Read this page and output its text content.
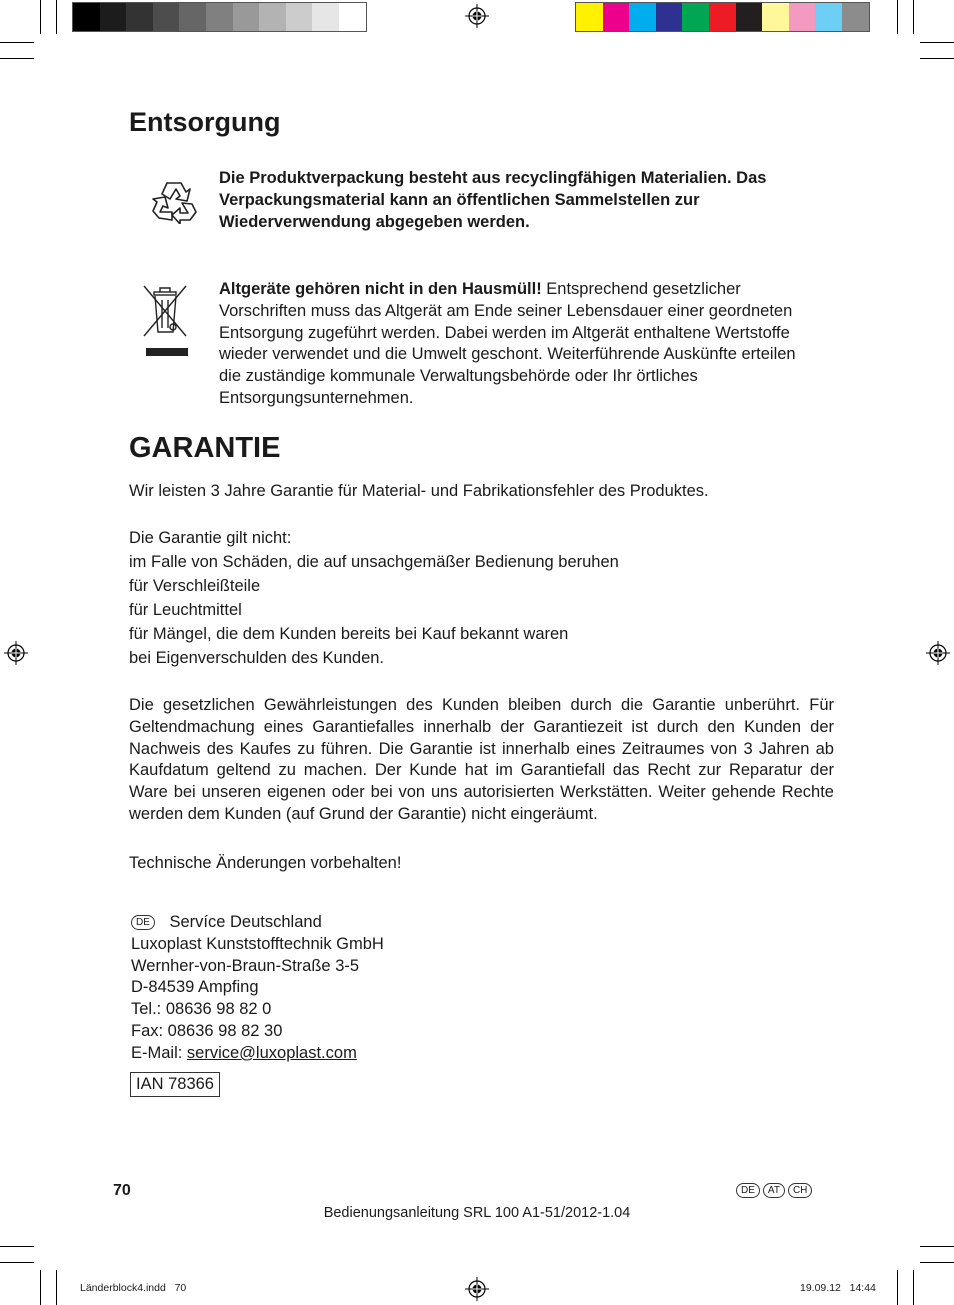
Entsorgung
Die Produktverpackung besteht aus recyclingfähigen Materialien. Das Verpackungsmaterial kann an öffentlichen Sammelstellen zur Wiederverwendung abgegeben werden.
Altgeräte gehören nicht in den Hausmüll! Entsprechend gesetzlicher Vorschriften muss das Altgerät am Ende seiner Lebensdauer einer geordneten Entsorgung zugeführt werden. Dabei werden im Altgerät enthaltene Wertstoffe wieder verwendet und die Umwelt geschont. Weiterführende Auskünfte erteilen die zuständige kommunale Verwaltungsbehörde oder Ihr örtliches Entsorgungsunternehmen.
GARANTIE
Wir leisten 3 Jahre Garantie für Material- und Fabrikationsfehler des Produktes.
Die Garantie gilt nicht:
im Falle von Schäden, die auf unsachgemäßer Bedienung beruhen
für Verschleißteile
für Leuchtmittel
für Mängel, die dem Kunden bereits bei Kauf bekannt waren
bei Eigenverschulden des Kunden.
Die gesetzlichen Gewährleistungen des Kunden bleiben durch die Garantie unberührt. Für Geltendmachung eines Garantiefalles innerhalb der Garantiezeit ist durch den Kunden der Nachweis des Kaufes zu führen. Die Garantie ist innerhalb eines Zeitraumes von 3 Jahren ab Kaufdatum geltend zu machen. Der Kunde hat im Garantiefall das Recht zur Reparatur der Ware bei unseren eigenen oder bei von uns autorisierten Werkstätten. Weiter gehende Rechte werden dem Kunden (auf Grund der Garantie) nicht eingeräumt.
Technische Änderungen vorbehalten!
DE Servíce Deutschland
Luxoplast Kunststofftechnik GmbH
Wernher-von-Braun-Straße 3-5
D-84539 Ampfing
Tel.: 08636 98 82 0
Fax: 08636 98 82 30
E-Mail: service@luxoplast.com
IAN 78366
70	DE	AT	CH
Bedienungsanleitung SRL 100 A1-51/2012-1.04
Länderblock4.indd   70	19.09.12   14:44
